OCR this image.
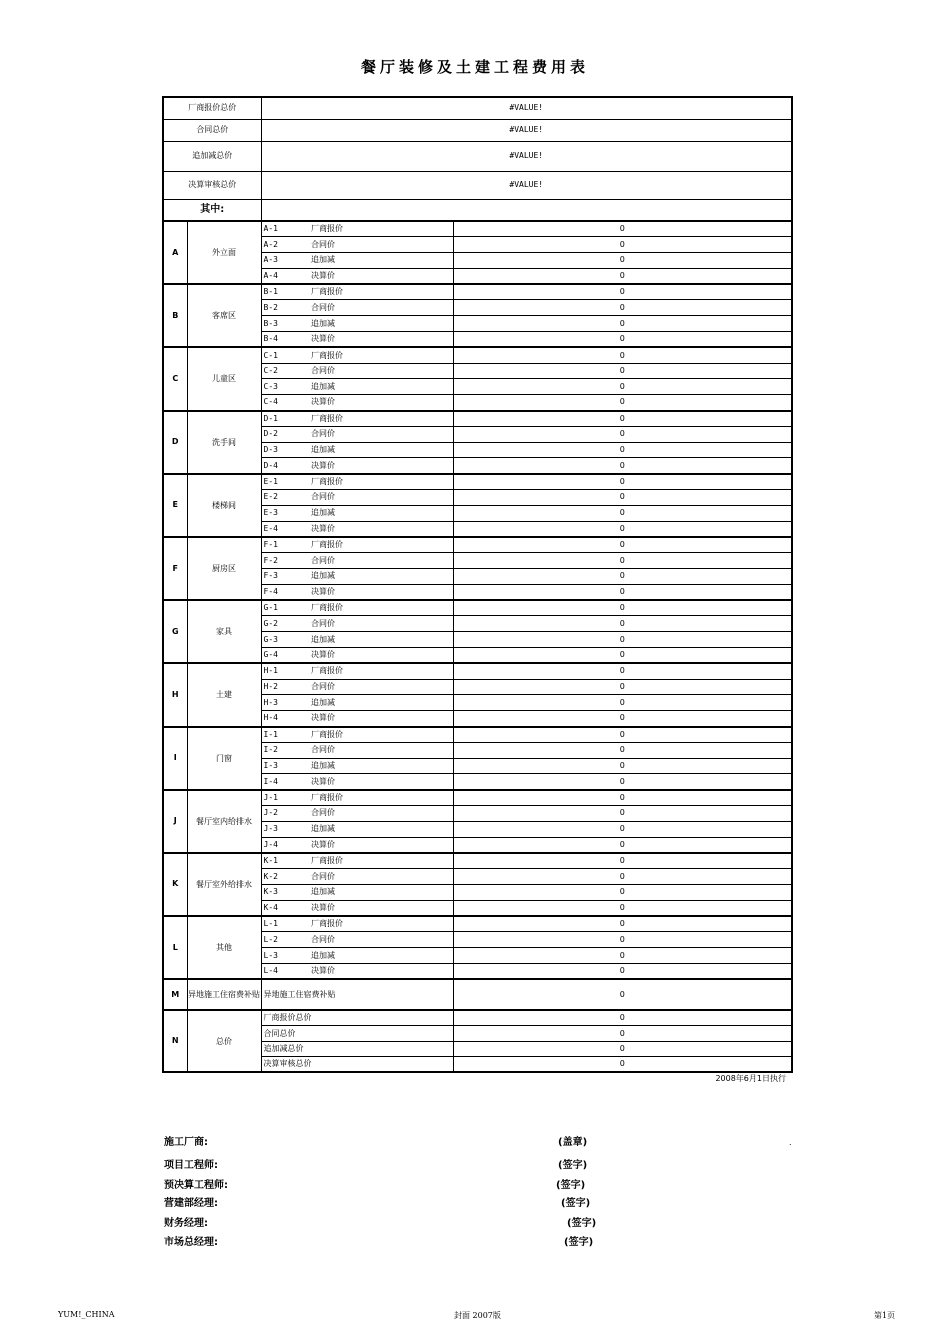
餐厅装修及土建工程费用表
厂商报价总价		#VALUE!		
合同总价		#VALUE!		
追加减总价		#VALUE!		
决算审核总价		#VALUE!		
其中:				
A	外立面	A-1	厂商报价	0
		A-2	合同价	0
		A-3	追加减	0
		A-4	决算价	0
B	客席区	B-1	厂商报价	0
		B-2	合同价	0
		B-3	追加减	0
		B-4	决算价	0
C	儿童区	C-1	厂商报价	0
		C-2	合同价	0
		C-3	追加减	0
		C-4	决算价	0
D	洗手间	D-1	厂商报价	0
		D-2	合同价	0
		D-3	追加减	0
		D-4	决算价	0
E	楼梯间	E-1	厂商报价	0
		E-2	合同价	0
		E-3	追加减	0
		E-4	决算价	0
F	厨房区	F-1	厂商报价	0
		F-2	合同价	0
		F-3	追加减	0
		F-4	决算价	0
G	家具	G-1	厂商报价	0
		G-2	合同价	0
		G-3	追加减	0
		G-4	决算价	0
H	土建	H-1	厂商报价	0
		H-2	合同价	0
		H-3	追加减	0
		H-4	决算价	0
I	门窗	I-1	厂商报价	0
		I-2	合同价	0
		I-3	追加减	0
		I-4	决算价	0
J	餐厅室内给排水	J-1	厂商报价	0
		J-2	合同价	0
		J-3	追加减	0
		J-4	决算价	0
K	餐厅室外给排水	K-1	厂商报价	0
		K-2	合同价	0
		K-3	追加减	0
		K-4	决算价	0
L	其他	L-1	厂商报价	0
		L-2	合同价	0
		L-3	追加减	0
		L-4	决算价	0
M	异地施工住宿费补贴	异地施工住宿费补贴		0
N	总价	厂商报价总价		0
		合同总价		0
		追加减总价		0
		决算审核总价		0
2008年6月1日执行
施工厂商:	(盖章)	.
项目工程师:	(签字)
预决算工程师:	(签字)
营建部经理:	(签字)
财务经理:	(签字)
市场总经理:	(签字)
YUM!_CHINA	封面 2007版	第1页
